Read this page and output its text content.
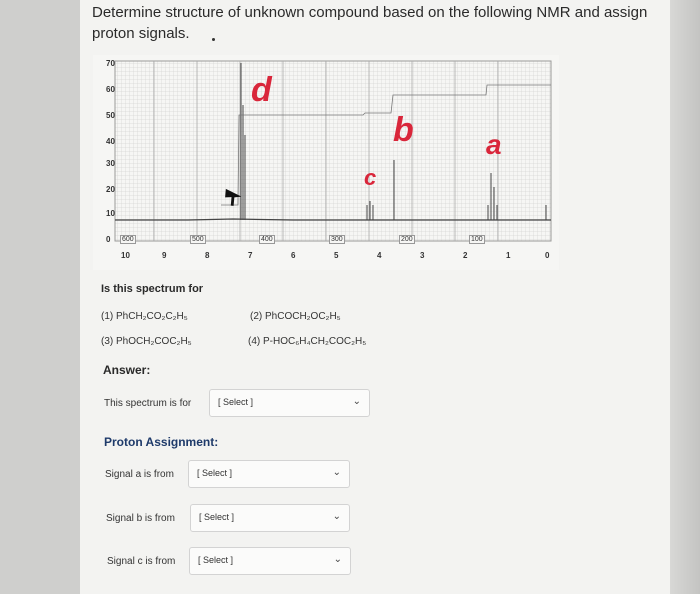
Determine structure of unknown compound based on the following NMR and assign
proton signals.
70
60
50
40
30
20
10
0 600	500	400	300	200	100
10	9	8	7	6	5	4	3	2	1	0
d
c
b	a
Is this spectrum for
(1) PhCH₂CO₂C₂H₅	(2) PhCOCH₂OC₂H₅
(3) PhOCH₂COC₂H₅	(4) P-HOC₆H₄CH₂COC₂H₅
Answer:
This spectrum is for	[ Select ]	⌄
Proton Assignment:
Signal a is from	[ Select ]	⌄
Signal b is from	[ Select ]	⌄
Signal c is from	[ Select ]	⌄
